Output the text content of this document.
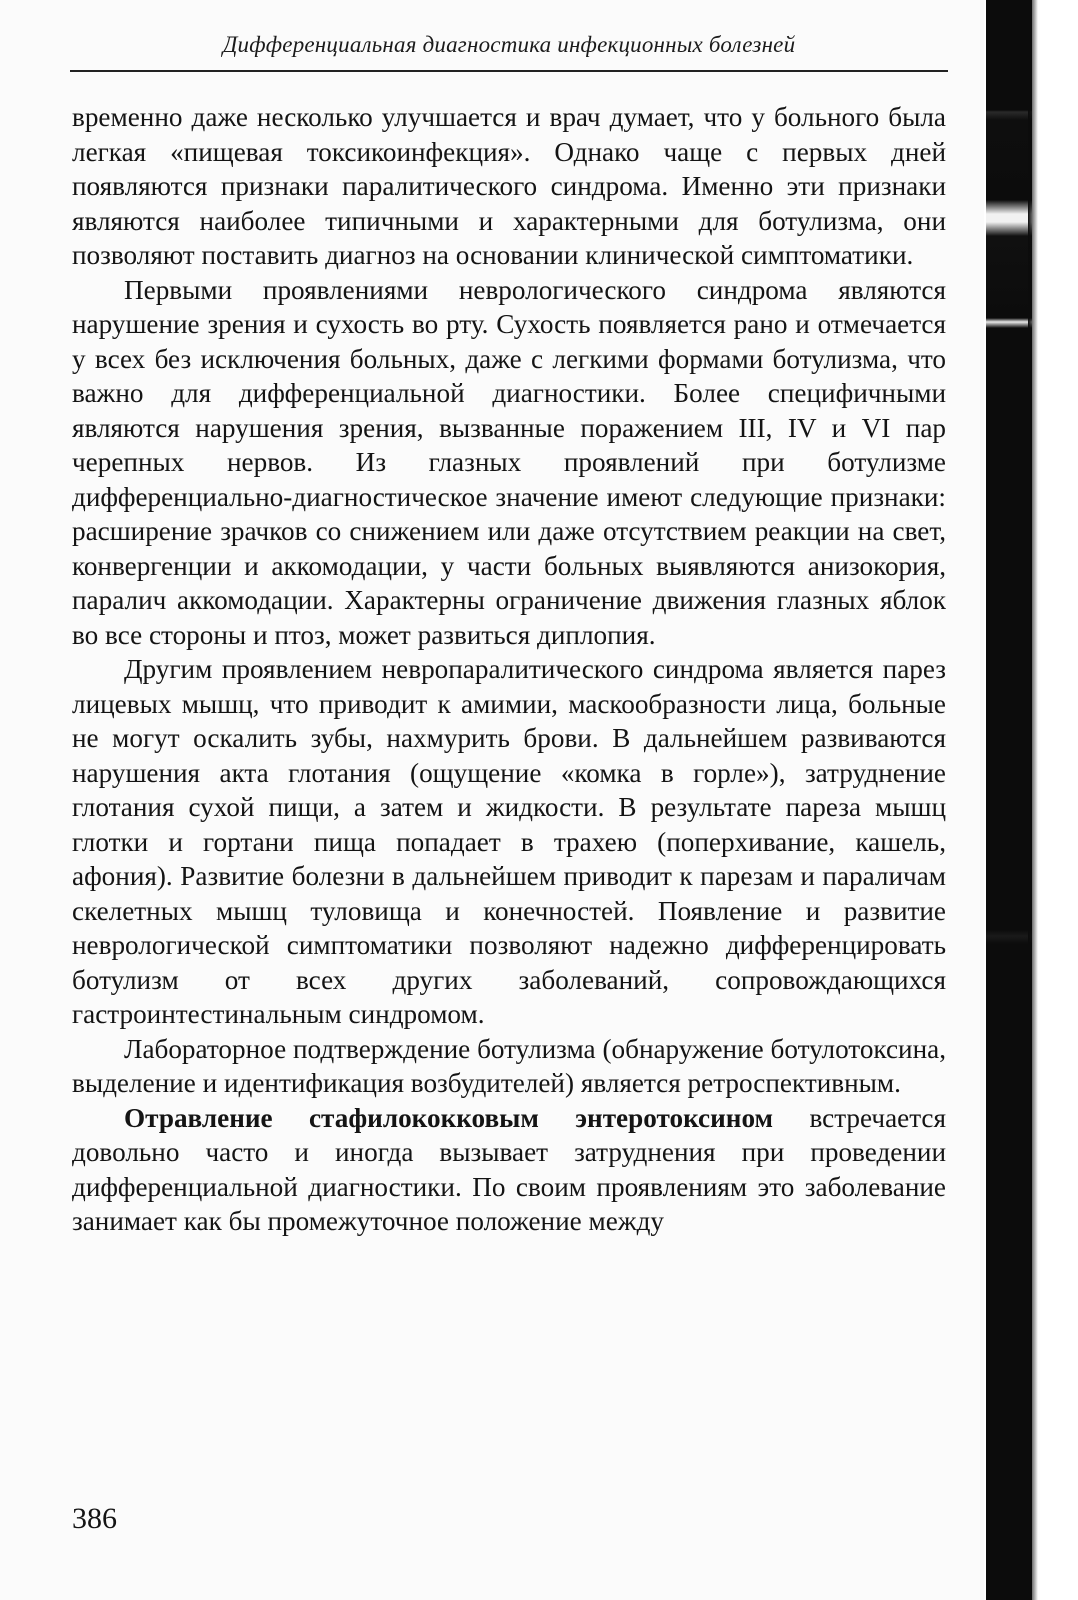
Дифференциальная диагностика инфекционных болезней

временно даже несколько улучшается и врач думает, что у больного была легкая «пищевая токсикоинфекция». Однако чаще с первых дней появляются признаки паралитического синдрома. Именно эти признаки являются наиболее типичными и характерными для ботулизма, они позволяют поставить диагноз на основании клинической симптоматики.

Первыми проявлениями неврологического синдрома являются нарушение зрения и сухость во рту. Сухость появляется рано и отмечается у всех без исключения больных, даже с легкими формами ботулизма, что важно для дифференциальной диагностики. Более специфичными являются нарушения зрения, вызванные поражением III, IV и VI пар черепных нервов. Из глазных проявлений при ботулизме дифференциально-диагностическое значение имеют следующие признаки: расширение зрачков со снижением или даже отсутствием реакции на свет, конвергенции и аккомодации, у части больных выявляются анизокория, паралич аккомодации. Характерны ограничение движения глазных яблок во все стороны и птоз, может развиться диплопия.

Другим проявлением невропаралитического синдрома является парез лицевых мышц, что приводит к амимии, маскообразности лица, больные не могут оскалить зубы, нахмурить брови. В дальнейшем развиваются нарушения акта глотания (ощущение «комка в горле»), затруднение глотания сухой пищи, а затем и жидкости. В результате пареза мышц глотки и гортани пища попадает в трахею (поперхивание, кашель, афония). Развитие болезни в дальнейшем приводит к парезам и параличам скелетных мышц туловища и конечностей. Появление и развитие неврологической симптоматики позволяют надежно дифференцировать ботулизм от всех других заболеваний, сопровождающихся гастроинтестинальным синдромом.

Лабораторное подтверждение ботулизма (обнаружение ботулотоксина, выделение и идентификация возбудителей) является ретроспективным.

Отравление стафилококковым энтеротоксином встречается довольно часто и иногда вызывает затруднения при проведении дифференциальной диагностики. По своим проявлениям это заболевание занимает как бы промежуточное положение между

386
